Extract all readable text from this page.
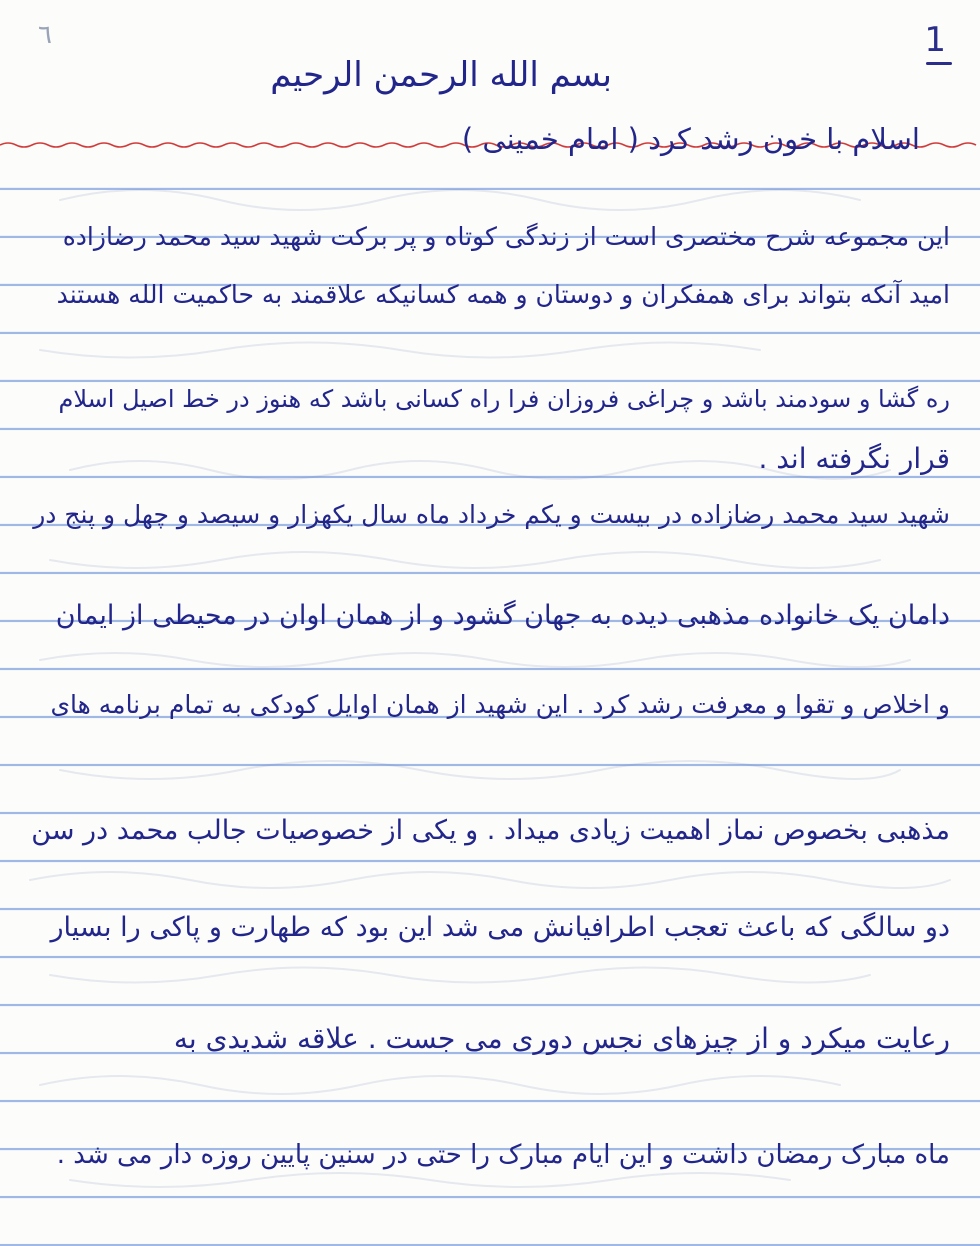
٦	1
بسم الله الرحمن الرحیم
اسلام با خون رشد کرد ( امام خمینی )
این مجموعه شرح مختصری است از زندگی کوتاه و پر برکت شهید سید محمد رضازاده
امید آنکه بتواند برای همفکران و دوستان و همه کسانیکه علاقمند به حاکمیت الله هستند
ره گشا و سودمند باشد و چراغی فروزان فرا راه کسانی باشد که هنوز در خط اصیل اسلام
قرار نگرفته اند .
شهید سید محمد رضازاده در بیست و یکم خرداد ماه سال یکهزار و سیصد و چهل و پنج در
دامان یک خانواده مذهبی دیده به جهان گشود و از همان اوان در محیطی از ایمان
و اخلاص و تقوا و معرفت رشد کرد . این شهید از همان اوایل کودکی به تمام برنامه های
مذهبی بخصوص نماز اهمیت زیادی میداد . و یکی از خصوصیات جالب محمد در سن
دو سالگی که باعث تعجب اطرافیانش می شد این بود که طهارت و پاکی را بسیار
رعایت میکرد و از چیزهای نجس دوری می جست . علاقه شدیدی به
ماه مبارک رمضان داشت و این ایام مبارک را حتی در سنین پایین روزه دار می شد .
